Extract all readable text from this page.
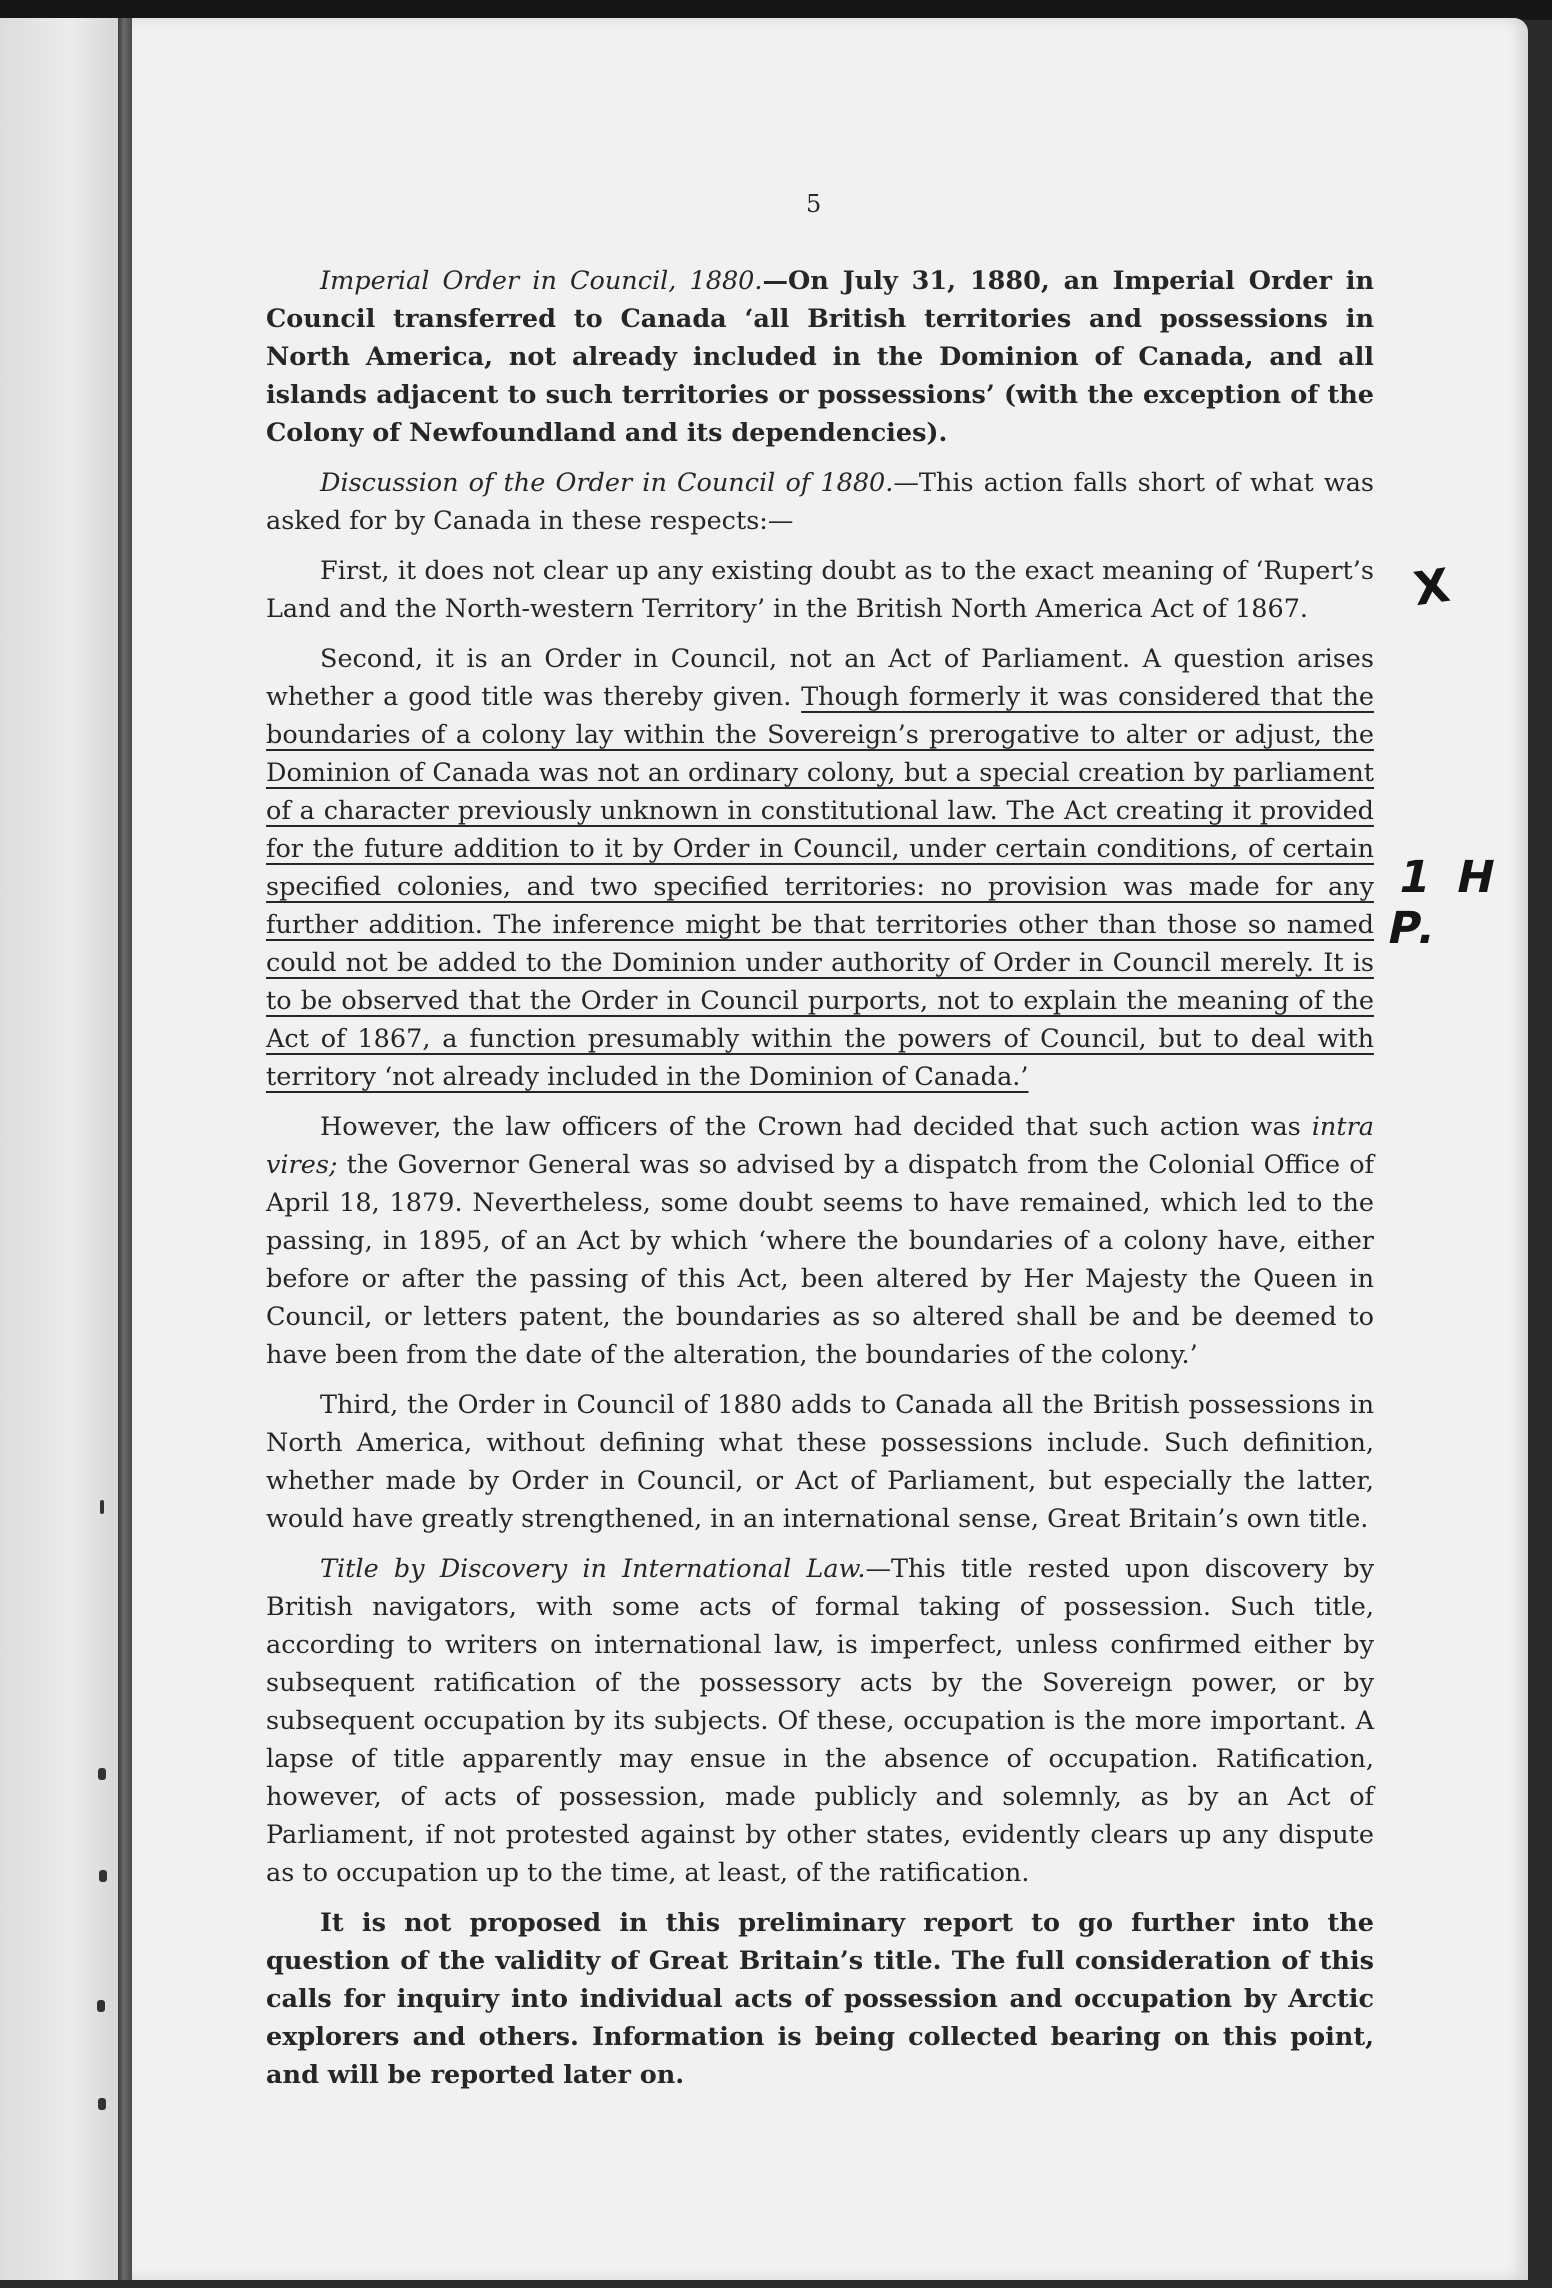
5

Imperial Order in Council, 1880.—On July 31, 1880, an Imperial Order in Council transferred to Canada ‘all British territories and possessions in North America, not already included in the Dominion of Canada, and all islands adjacent to such territories or possessions’ (with the exception of the Colony of Newfoundland and its dependencies).

Discussion of the Order in Council of 1880.—This action falls short of what was asked for by Canada in these respects:—

First, it does not clear up any existing doubt as to the exact meaning of ‘Rupert’s Land and the North-western Territory’ in the British North America Act of 1867.

Second, it is an Order in Council, not an Act of Parliament. A question arises whether a good title was thereby given. Though formerly it was considered that the boundaries of a colony lay within the Sovereign’s prerogative to alter or adjust, the Dominion of Canada was not an ordinary colony, but a special creation by parliament of a character previously unknown in constitutional law. The Act creating it provided for the future addition to it by Order in Council, under certain conditions, of certain specified colonies, and two specified territories: no provision was made for any further addition. The inference might be that territories other than those so named could not be added to the Dominion under authority of Order in Council merely. It is to be observed that the Order in Council purports, not to explain the meaning of the Act of 1867, a function presumably within the powers of Council, but to deal with territory ‘not already included in the Dominion of Canada.’

However, the law officers of the Crown had decided that such action was intra vires; the Governor General was so advised by a dispatch from the Colonial Office of April 18, 1879. Nevertheless, some doubt seems to have remained, which led to the passing, in 1895, of an Act by which ‘where the boundaries of a colony have, either before or after the passing of this Act, been altered by Her Majesty the Queen in Council, or letters patent, the boundaries as so altered shall be and be deemed to have been from the date of the alteration, the boundaries of the colony.’

Third, the Order in Council of 1880 adds to Canada all the British possessions in North America, without defining what these possessions include. Such definition, whether made by Order in Council, or Act of Parliament, but especially the latter, would have greatly strengthened, in an international sense, Great Britain’s own title.

Title by Discovery in International Law.—This title rested upon discovery by British navigators, with some acts of formal taking of possession. Such title, according to writers on international law, is imperfect, unless confirmed either by subsequent ratification of the possessory acts by the Sovereign power, or by subsequent occupation by its subjects. Of these, occupation is the more important. A lapse of title apparently may ensue in the absence of occupation. Ratification, however, of acts of possession, made publicly and solemnly, as by an Act of Parliament, if not protested against by other states, evidently clears up any dispute as to occupation up to the time, at least, of the ratification.

It is not proposed in this preliminary report to go further into the question of the validity of Great Britain’s title. The full consideration of this calls for inquiry into individual acts of possession and occupation by Arctic explorers and others. Information is being collected bearing on this point, and will be reported later on.

X
1 H P.
